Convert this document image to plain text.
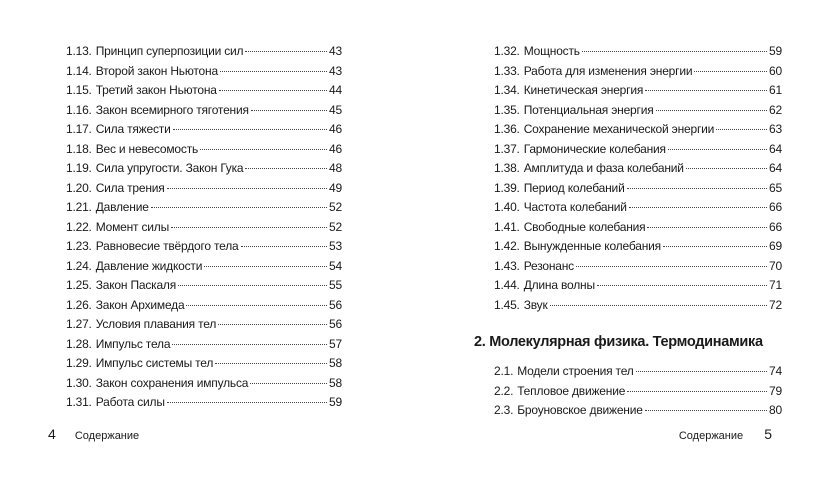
1.13. Принцип суперпозиции сил	43
1.14. Второй закон Ньютона	43
1.15. Третий закон Ньютона	44
1.16. Закон всемирного тяготения	45
1.17. Сила тяжести	46
1.18. Вес и невесомость	46
1.19. Сила упругости. Закон Гука	48
1.20. Сила трения	49
1.21. Давление	52
1.22. Момент силы	52
1.23. Равновесие твёрдого тела	53
1.24. Давление жидкости	54
1.25. Закон Паскаля	55
1.26. Закон Архимеда	56
1.27. Условия плавания тел	56
1.28. Импульс тела	57
1.29. Импульс системы тел	58
1.30. Закон сохранения импульса	58
1.31. Работа силы	59
4 Содержание
1.32. Мощность	59
1.33. Работа для изменения энергии	60
1.34. Кинетическая энергия	61
1.35. Потенциальная энергия	62
1.36. Сохранение механической энергии	63
1.37. Гармонические колебания	64
1.38. Амплитуда и фаза колебаний	64
1.39. Период колебаний	65
1.40. Частота колебаний	66
1.41. Свободные колебания	66
1.42. Вынужденные колебания	69
1.43. Резонанс	70
1.44. Длина волны	71
1.45. Звук	72
2. Молекулярная физика. Термодинамика
2.1. Модели строения тел	74
2.2. Тепловое движение	79
2.3. Броуновское движение	80
Содержание 5
